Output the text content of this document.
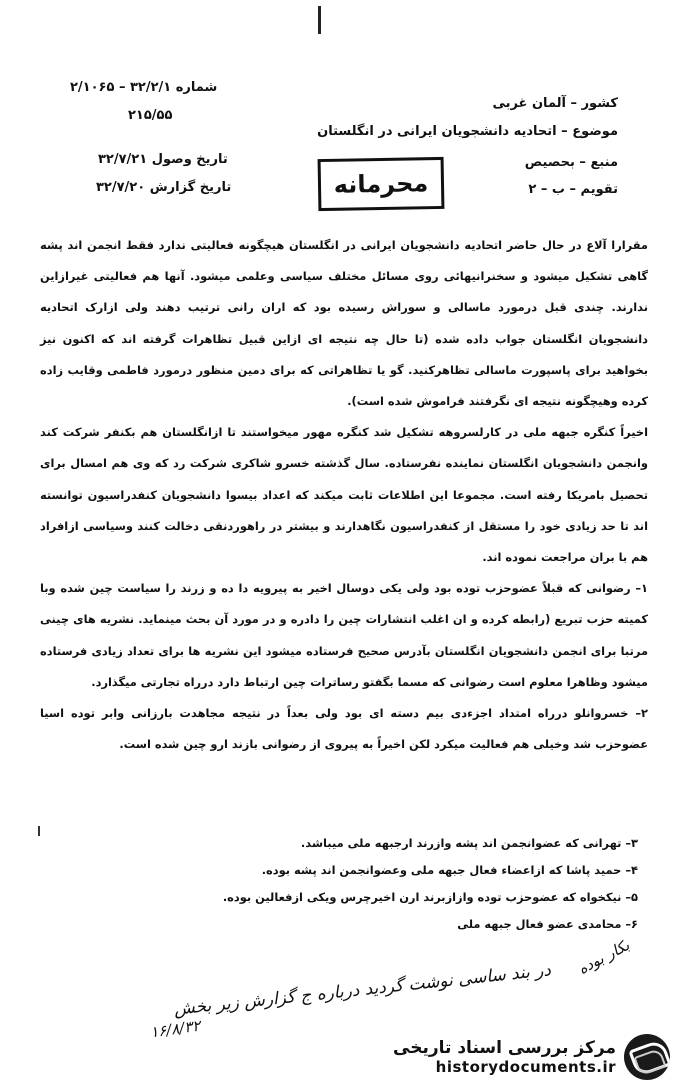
کشور – آلمان غربی
موضوع – اتحادیه دانشجویان ایرانی در انگلستان
منبع – بحصیص
تقویم – ب – ۲
شماره ۳۲/۲/۱ – ۲/۱۰۶۵
۲۱۵/۵۵
تاریخ وصول ۳۲/۷/۲۱
تاریخ گزارش ۳۲/۷/۲۰	محرمانه

مقرارا آلاع در حال حاضر اتحادیه دانشجویان ایرانی در انگلستان هیچگونه فعالیتی ندارد فقط انجمن اند پشه گاهی تشکیل میشود و سخنرانیهائی روی مسائل مختلف سیاسی وعلمی میشود. آنها هم فعالیتی غیرازاین ندارند. چندی قبل درمورد ماسالی و سوراش رسیده بود که اران رانی ترتیب دهند ولی ازارک اتحادیه دانشجویان انگلستان جواب داده شده (تا حال چه نتیجه ای ازاین قبیل تظاهرات گرفته اند که اکنون نیز بخواهید برای پاسپورت ماسالی تظاهرکنید. گو یا تظاهراتی که برای دمین منظور درمورد فاطمی وقایب زاده کرده وهیچگونه نتیجه ای نگرفتند فراموش شده است).

اخیراً کنگره جبهه ملی در کارلسروهه تشکیل شد کنگره مهور میخواستند تا ازانگلستان هم بکنفر شرکت کند وانجمن دانشجویان انگلستان نماینده نفرستاده. سال گذشته خسرو شاکری شرکت رد که وی هم امسال برای تحصیل بامریکا رفته است. مجموعا این اطلاعات ثابت میکند که اعداد بیسوا دانشجویان کنفدراسیون توانسته اند تا حد زیادی خود را مستقل از کنفدراسیون نگاهدارند و بیشتر در راهوردنقی دخالت کنند وسیاسی ازافراد هم با بران مراجعت نموده اند.

۱– رضوانی که قبلاً عضوحزب توده بود ولی یکی دوسال اخیر به پیرویه دا ده و زرند را سیاست چین شده وبا کمیته حزب تبریع (رابطه کرده و ان اغلب انتشارات چین را دادره و در مورد آن بحث مینماید. نشریه های چینی مرتبا برای انجمن دانشجویان انگلستان بآدرس صحیح فرستاده میشود این نشریه ها برای تعداد زیادی فرستاده میشود وظاهرا معلوم است رضوانی که مسما بگفتو رساترات چین ارتباط دارد درراه تجارتی میگذارد.

۲– خسروانلو درراه امتداد اجزءدی بیم دسته ای بود ولی بعداً در نتیجه مجاهدت بارزانی وابر توده اسیا عضوحزب شد وخیلی هم فعالیت میکرد لکن اخیراً به پیروی از رضوانی بازند ارو چین شده است.

۳– تهرانی که عضوانجمن اند پشه وازرند ارجبهه ملی میباشد.

۴– حمید پاشا که ازاعضاء فعال جبهه ملی وعضوانجمن اند پشه بوده.

۵– نیکخواه که عضوحزب توده وازازبرند ارن اخیرچرس ویکی ازفعالین بوده.

۶– محامدی عضو فعال جبهه ملی

در بند ساسی نوشت گردید درباره ج گزارش زیر بخش
بکار بوده
۱۶/۸/۳۲
مرکز بررسی اسناد تاریخی
historydocuments.ir
